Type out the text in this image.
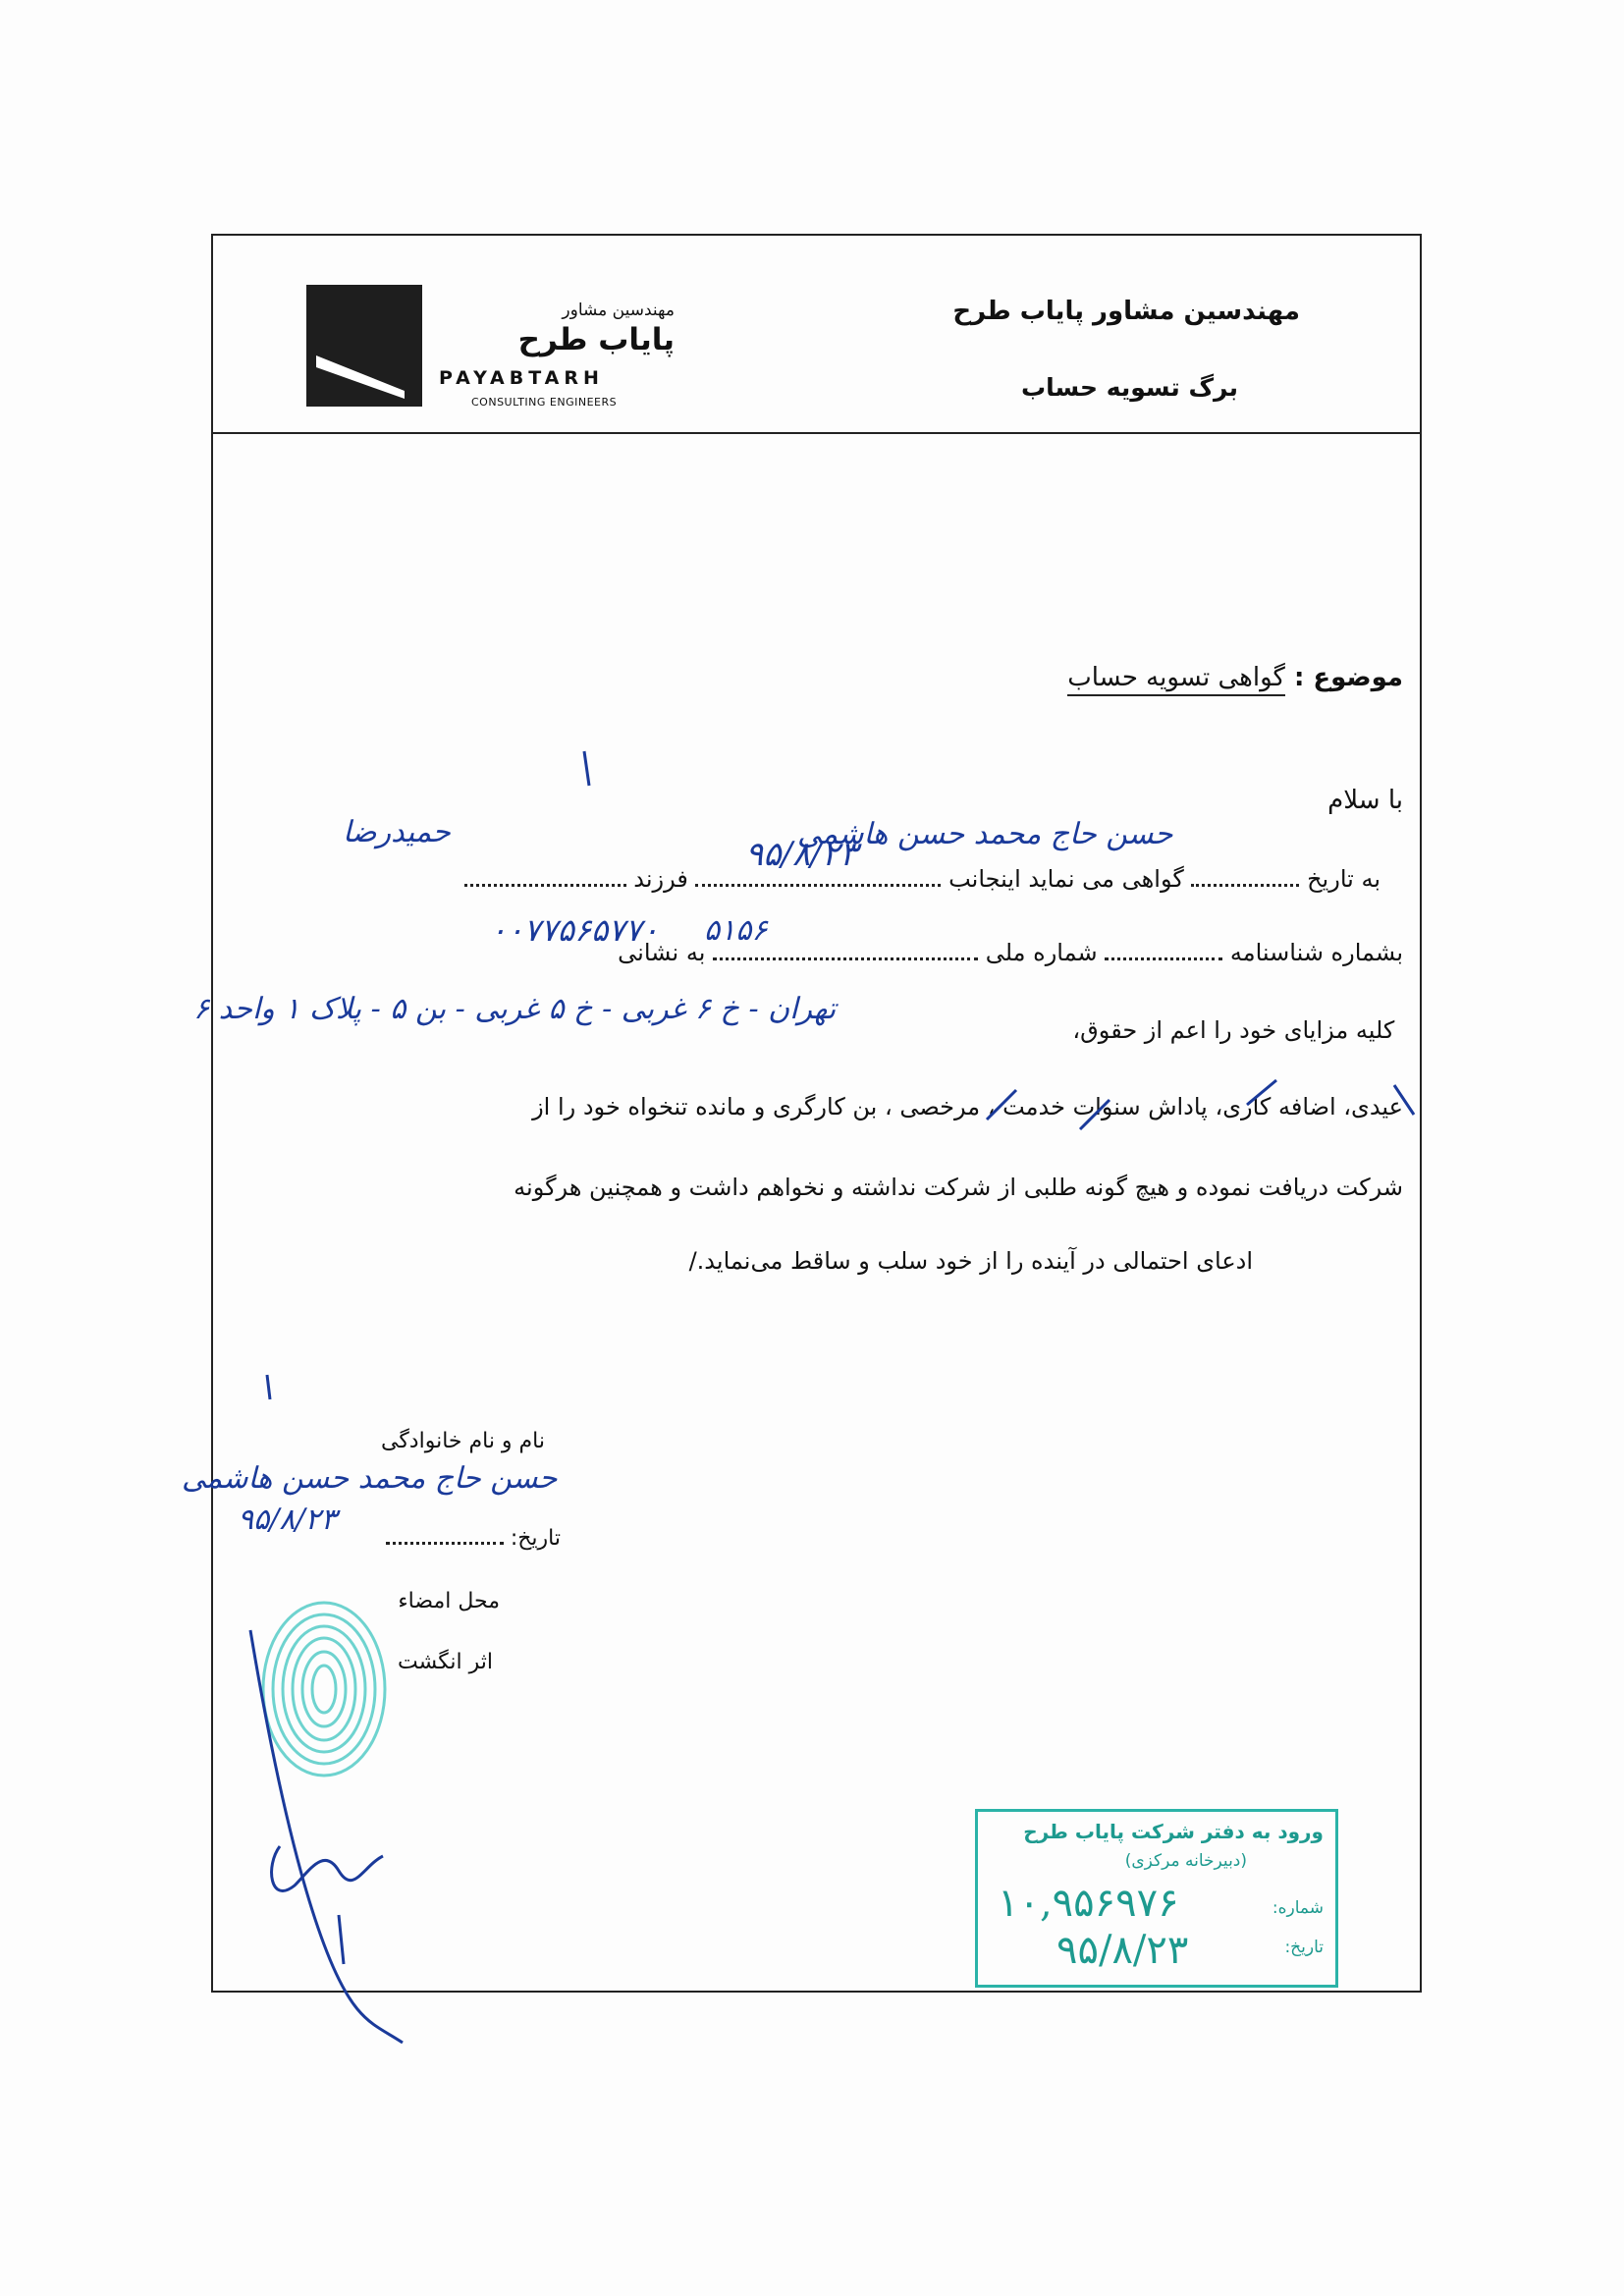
مهندسین مشاور
پایاب طرح
PAYABTARH
CONSULTING ENGINEERS
مهندسین مشاور پایاب طرح
برگ تسویه حساب
موضوع : گواهی تسویه حساب
با سلام
به تاریخ  گواهی می نماید اینجانب  فرزند
۹۵/۸/۲۳
حسن حاج محمد حسن هاشمی
حمیدرضا
بشماره شناسنامه  شماره ملی  به نشانی
۵۱۵۶
۰۰۷۷۵۶۵۷۷۰
کلیه مزایای خود را اعم از حقوق،
تهران - خ ۶ غربی - خ ۵ غربی - بن ۵ - پلاک ۱ واحد ۶
عیدی، اضافه کاری، پاداش سنوات خدمت ، مرخصی ، بن کارگری و مانده تنخواه خود را از
شرکت دریافت نموده و هیچ گونه طلبی از شرکت نداشته و نخواهم داشت و همچنین هرگونه
ادعای احتمالی در آینده را از خود سلب و ساقط می‌نماید./
نام و نام خانوادگی
حسن حاج محمد حسن هاشمی
تاریخ:
۹۵/۸/۲۳
محل امضاء
اثر انگشت
ورود به دفتر شرکت پایاب طرح
(دبیرخانه مرکزی)
شماره:
تاریخ:
۱۰,۹۵۶۹۷۶
۹۵/۸/۲۳
